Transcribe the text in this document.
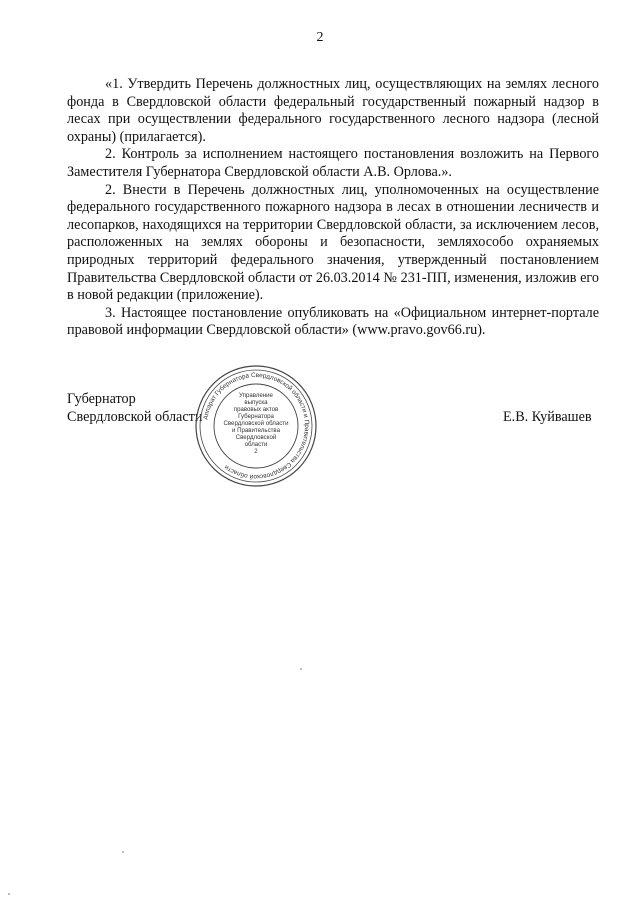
2

«1. Утвердить Перечень должностных лиц, осуществляющих на землях лесного фонда в Свердловской области федеральный государственный пожарный надзор в лесах при осуществлении федерального государственного лесного надзора (лесной охраны) (прилагается).

2. Контроль за исполнением настоящего постановления возложить на Первого Заместителя Губернатора Свердловской области А.В. Орлова.».

2. Внести в Перечень должностных лиц, уполномоченных на осуществление федерального государственного пожарного надзора в лесах в отношении лесничеств и лесопарков, находящихся на территории Свердловской области, за исключением лесов, расположенных на землях обороны и безопасности, земляхособо охраняемых природных территорий федерального значения, утвержденный постановлением Правительства Свердловской области от 26.03.2014 № 231-ПП, изменения, изложив его в новой редакции (приложение).

3. Настоящее постановление опубликовать на «Официальном интернет-портале правовой информации Свердловской области» (www.pravo.gov66.ru).

Губернатор
Свердловской области Аппарат Губернатора Свердловской области и Правительства Свердловской области
Управление
выпуска
правовых актов
Губернатора
Свердловской области
и Правительства
Свердловской
области
2
Е.В. Куйвашев
